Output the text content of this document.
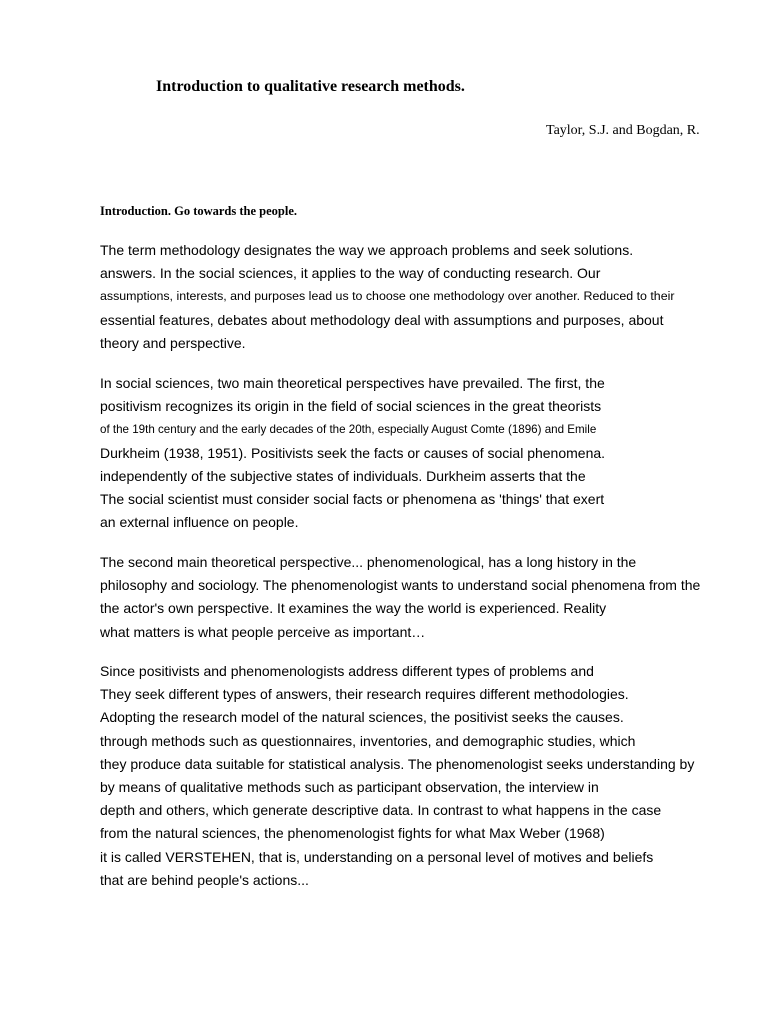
Introduction to qualitative research methods.
Taylor, S.J. and Bogdan, R.
Introduction. Go towards the people.
The term methodology designates the way we approach problems and seek solutions.
answers. In the social sciences, it applies to the way of conducting research. Our
assumptions, interests, and purposes lead us to choose one methodology over another. Reduced to their
essential features, debates about methodology deal with assumptions and purposes, about
theory and perspective.
In social sciences, two main theoretical perspectives have prevailed. The first, the
positivism recognizes its origin in the field of social sciences in the great theorists
of the 19th century and the early decades of the 20th, especially August Comte (1896) and Emile
Durkheim (1938, 1951). Positivists seek the facts or causes of social phenomena.
independently of the subjective states of individuals. Durkheim asserts that the
The social scientist must consider social facts or phenomena as 'things' that exert
an external influence on people.
The second main theoretical perspective... phenomenological, has a long history in the
philosophy and sociology. The phenomenologist wants to understand social phenomena from the
the actor's own perspective. It examines the way the world is experienced. Reality
what matters is what people perceive as important…
Since positivists and phenomenologists address different types of problems and
They seek different types of answers, their research requires different methodologies.
Adopting the research model of the natural sciences, the positivist seeks the causes.
through methods such as questionnaires, inventories, and demographic studies, which
they produce data suitable for statistical analysis. The phenomenologist seeks understanding by
by means of qualitative methods such as participant observation, the interview in
depth and others, which generate descriptive data. In contrast to what happens in the case
from the natural sciences, the phenomenologist fights for what Max Weber (1968)
it is called VERSTEHEN, that is, understanding on a personal level of motives and beliefs
that are behind people's actions...
